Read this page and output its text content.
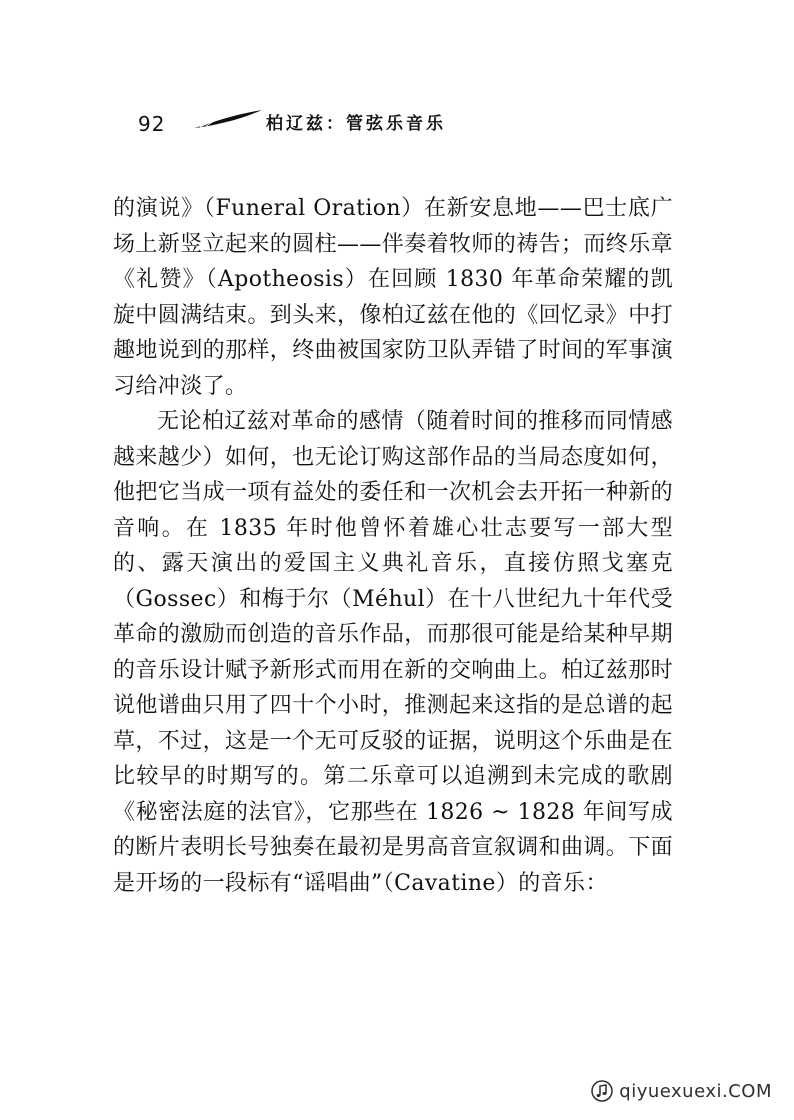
92	柏辽兹：管弦乐音乐

的演说》（Funeral Oration）在新安息地——巴士底广场上新竖立起来的圆柱——伴奏着牧师的祷告；而终乐章《礼赞》（Apotheosis）在回顾 1830 年革命荣耀的凯旋中圆满结束。到头来，像柏辽兹在他的《回忆录》中打趣地说到的那样，终曲被国家防卫队弄错了时间的军事演习给冲淡了。

无论柏辽兹对革命的感情（随着时间的推移而同情感越来越少）如何，也无论订购这部作品的当局态度如何，他把它当成一项有益处的委任和一次机会去开拓一种新的音响。在 1835 年时他曾怀着雄心壮志要写一部大型的、露天演出的爱国主义典礼音乐，直接仿照戈塞克（Gossec）和梅于尔（Méhul）在十八世纪九十年代受革命的激励而创造的音乐作品，而那很可能是给某种早期的音乐设计赋予新形式而用在新的交响曲上。柏辽兹那时说他谱曲只用了四十个小时，推测起来这指的是总谱的起草，不过，这是一个无可反驳的证据，说明这个乐曲是在比较早的时期写的。第二乐章可以追溯到未完成的歌剧《秘密法庭的法官》，它那些在 1826 ~ 1828 年间写成的断片表明长号独奏在最初是男高音宣叙调和曲调。下面是开场的一段标有“谣唱曲”（Cavatine）的音乐：

qiyuexuexi.COM
